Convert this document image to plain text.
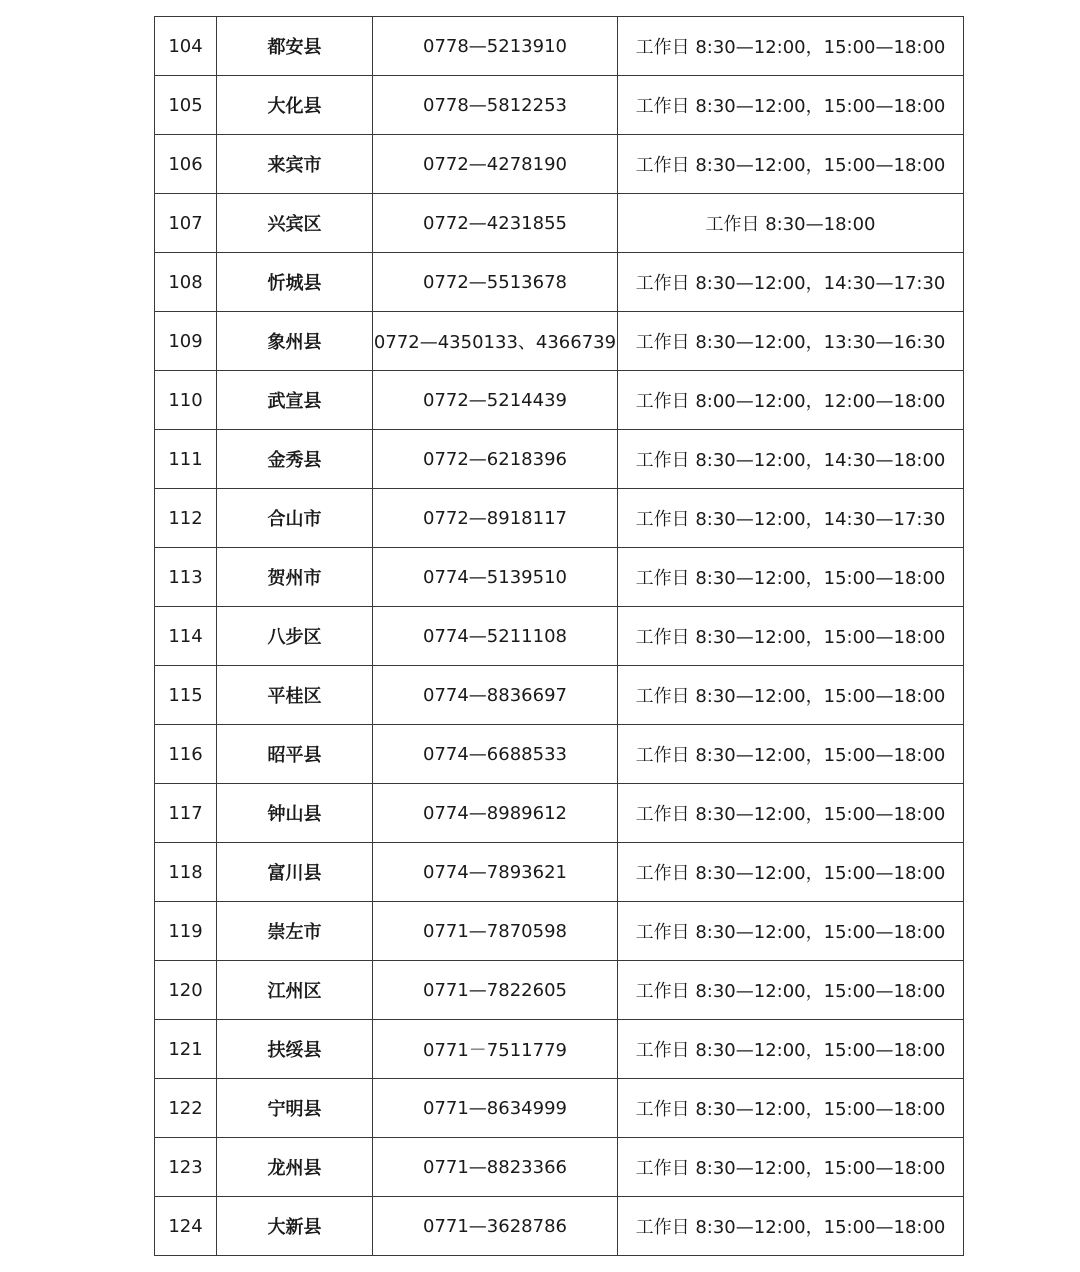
104	都安县	0778—5213910	工作日 8:30—12:00，15:00—18:00
105	大化县	0778—5812253	工作日 8:30—12:00，15:00—18:00
106	来宾市	0772—4278190	工作日 8:30—12:00，15:00—18:00
107	兴宾区	0772—4231855	工作日 8:30—18:00
108	忻城县	0772—5513678	工作日 8:30—12:00，14:30—17:30
109	象州县	0772—4350133、4366739	工作日 8:30—12:00，13:30—16:30
110	武宣县	0772—5214439	工作日 8:00—12:00，12:00—18:00
111	金秀县	0772—6218396	工作日 8:30—12:00，14:30—18:00
112	合山市	0772—8918117	工作日 8:30—12:00，14:30—17:30
113	贺州市	0774—5139510	工作日 8:30—12:00，15:00—18:00
114	八步区	0774—5211108	工作日 8:30—12:00，15:00—18:00
115	平桂区	0774—8836697	工作日 8:30—12:00，15:00—18:00
116	昭平县	0774—6688533	工作日 8:30—12:00，15:00—18:00
117	钟山县	0774—8989612	工作日 8:30—12:00，15:00—18:00
118	富川县	0774—7893621	工作日 8:30—12:00，15:00—18:00
119	崇左市	0771—7870598	工作日 8:30—12:00，15:00—18:00
120	江州区	0771—7822605	工作日 8:30—12:00，15:00—18:00
121	扶绥县	0771－7511779	工作日 8:30—12:00，15:00—18:00
122	宁明县	0771—8634999	工作日 8:30—12:00，15:00—18:00
123	龙州县	0771—8823366	工作日 8:30—12:00，15:00—18:00
124	大新县	0771—3628786	工作日 8:30—12:00，15:00—18:00
